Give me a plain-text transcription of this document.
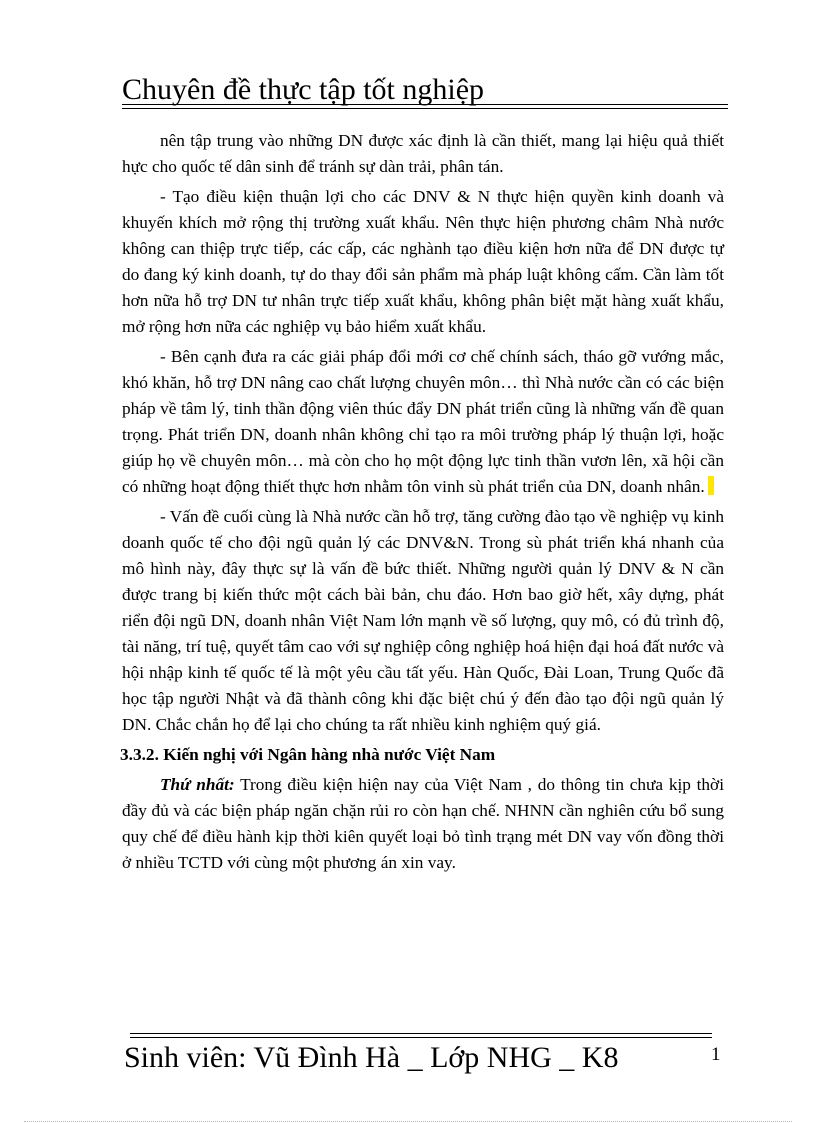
Chuyên đề thực tập tốt nghiệp

nên tập trung vào những DN được xác định là cần thiết, mang lại hiệu quả thiết hực cho quốc tế dân sinh để tránh sự dàn trải, phân tán.

- Tạo điều kiện thuận lợi cho các DNV & N thực hiện quyền kinh doanh và khuyến khích mở rộng thị trường xuất khẩu. Nên thực hiện phương châm Nhà nước không can thiệp trực tiếp, các cấp, các nghành tạo điều kiện hơn nữa để DN được tự do đang ký kinh doanh, tự do thay đổi sản phẩm mà pháp luật không cấm. Cần làm tốt hơn nữa hỗ trợ DN tư nhân trực tiếp xuất khẩu, không phân biệt mặt hàng xuất khẩu, mở rộng hơn nữa các nghiệp vụ bảo hiểm xuất khẩu.

- Bên cạnh đưa ra các giải pháp đổi mới cơ chế chính sách, tháo gỡ vướng mắc, khó khăn, hỗ trợ DN nâng cao chất lượng chuyên môn… thì Nhà nước cần có các biện pháp về tâm lý, tinh thần động viên thúc đẩy DN phát triển cũng là những vấn đề quan trọng. Phát triển DN, doanh nhân không chỉ tạo ra môi trường pháp lý thuận lợi, hoặc giúp họ về chuyên môn… mà còn cho họ một động lực tinh thần vươn lên, xã hội cần có những hoạt động thiết thực hơn nhằm tôn vinh sù phát triển của DN, doanh nhân.

- Vấn đề cuối cùng là Nhà nước cần hỗ trợ, tăng cường đào tạo về nghiệp vụ kinh doanh quốc tế cho đội ngũ quản lý các DNV&N. Trong sù phát triển khá nhanh của mô hình này, đây thực sự là vấn đề bức thiết. Những người quản lý DNV & N cần được trang bị kiến thức một cách bài bản, chu đáo. Hơn bao giờ hết, xây dựng, phát riển đội ngũ DN, doanh nhân Việt Nam lớn mạnh về số lượng, quy mô, có đủ trình độ, tài năng, trí tuệ, quyết tâm cao với sự nghiệp công nghiệp hoá hiện đại hoá đất nước và hội nhập kinh tế quốc tế là một yêu cầu tất yếu. Hàn Quốc, Đài Loan, Trung Quốc đã học tập người Nhật và đã thành công khi đặc biệt chú ý đến đào tạo đội ngũ quản lý DN. Chắc chắn họ để lại cho chúng ta rất nhiều kinh nghiệm quý giá.

3.3.2. Kiến nghị với Ngân hàng nhà nước Việt Nam

Thứ nhất: Trong điều kiện hiện nay của Việt Nam , do thông tin chưa kịp thời đầy đủ và các biện pháp ngăn chặn rủi ro còn hạn chế. NHNN cần nghiên cứu bổ sung quy chế để điều hành kịp thời kiên quyết loại bỏ tình trạng mét DN vay vốn đồng thời ở nhiều TCTD với cùng một phương án xin vay.

Sinh viên: Vũ Đình Hà _ Lớp NHG _ K8	1
